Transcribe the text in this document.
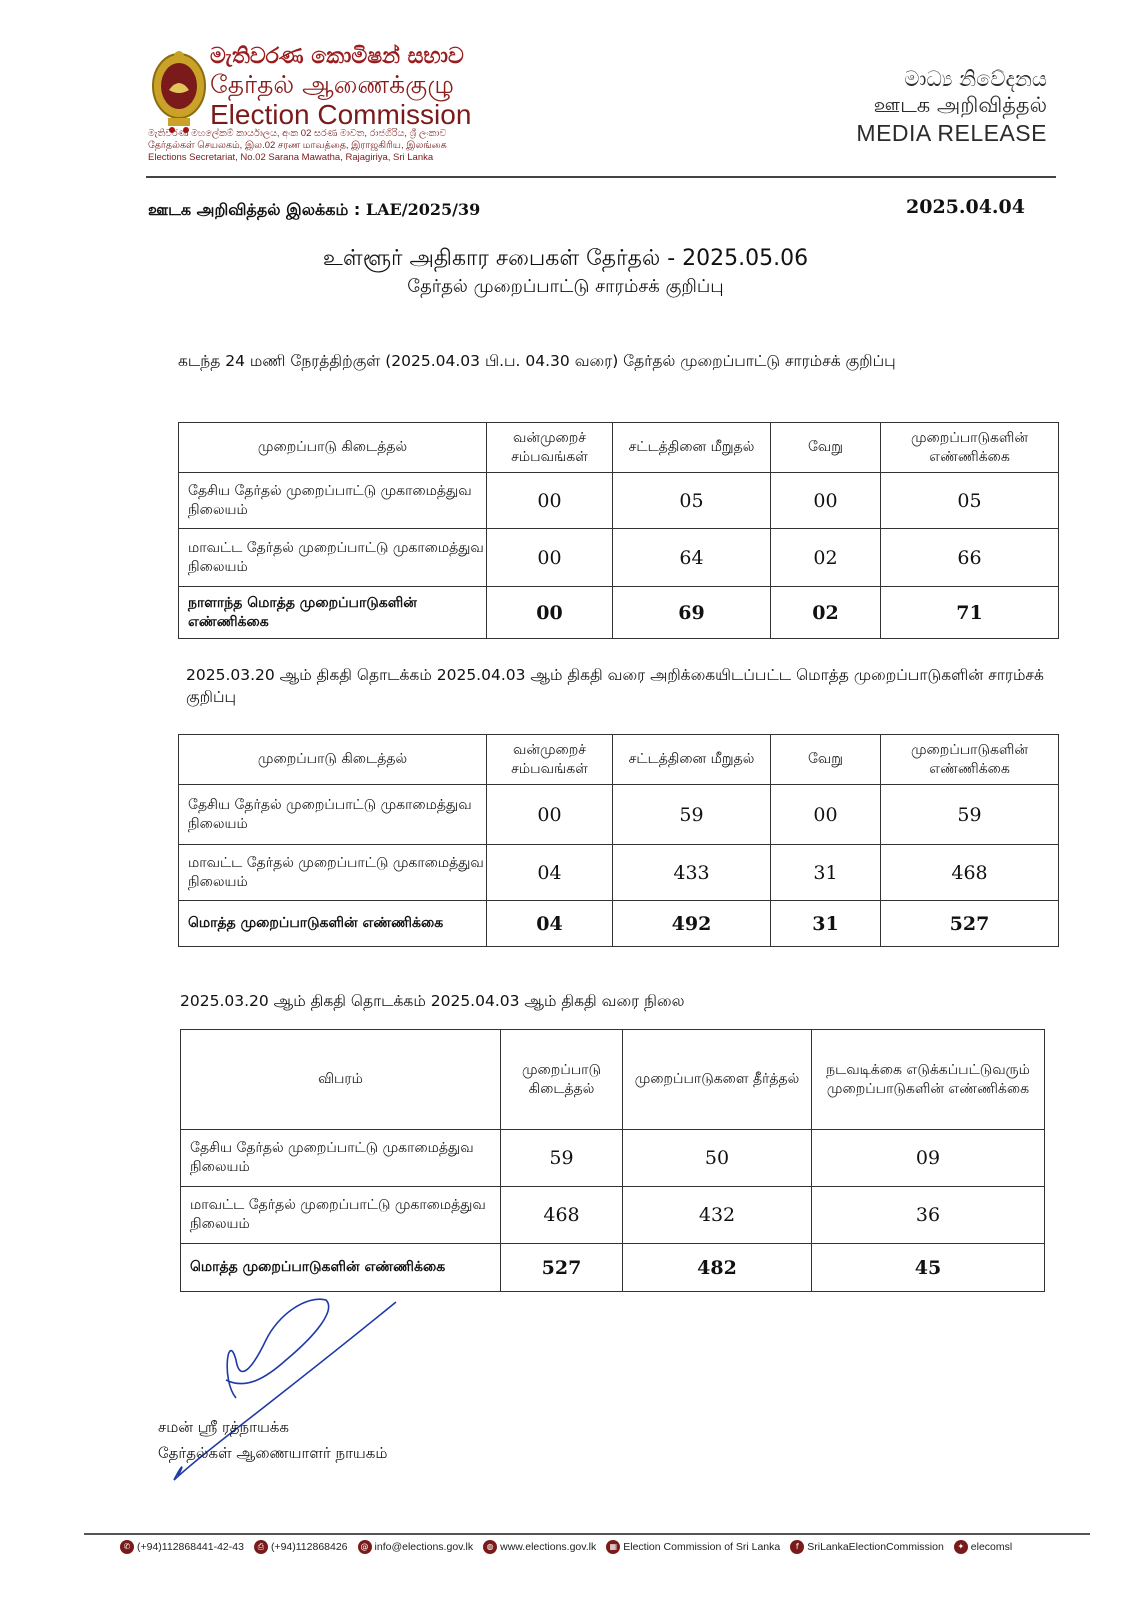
මැතිවරණ කොමිෂන් සභාව
தேர்தல் ஆணைக்குழு
Election Commission
මැතිවරණ මහලේකම් කාර්යාලය, අංක 02 සරණ මාවත, රාජගිරිය, ශ්‍රී ලංකාව
தேர்தல்கள் செயலகம், இல.02 சரண மாவத்தை, இராஜகிரிய, இலங்கை
Elections Secretariat, No.02 Sarana Mawatha, Rajagiriya, Sri Lanka
මාධ්‍ය නිවේදනය
ஊடக அறிவித்தல்
MEDIA RELEASE
ஊடக அறிவித்தல் இலக்கம் : LAE/2025/39	2025.04.04
உள்ளூர் அதிகார சபைகள் தேர்தல் - 2025.05.06
தேர்தல் முறைப்பாட்டு சாரம்சக் குறிப்பு
கடந்த 24 மணி நேரத்திற்குள் (2025.04.03 பி.ப. 04.30 வரை) தேர்தல் முறைப்பாட்டு சாரம்சக் குறிப்பு
முறைப்பாடு கிடைத்தல்	வன்முறைச் சம்பவங்கள்	சட்டத்தினை மீறுதல்	வேறு	முறைப்பாடுகளின் எண்ணிக்கை
தேசிய தேர்தல் முறைப்பாட்டு முகாமைத்துவ நிலையம்	00	05	00	05
மாவட்ட தேர்தல் முறைப்பாட்டு முகாமைத்துவ நிலையம்	00	64	02	66
நாளாந்த மொத்த முறைப்பாடுகளின் எண்ணிக்கை	00	69	02	71
2025.03.20 ஆம் திகதி தொடக்கம் 2025.04.03 ஆம் திகதி வரை அறிக்கையிடப்பட்ட மொத்த முறைப்பாடுகளின் சாரம்சக் குறிப்பு
முறைப்பாடு கிடைத்தல்	வன்முறைச் சம்பவங்கள்	சட்டத்தினை மீறுதல்	வேறு	முறைப்பாடுகளின் எண்ணிக்கை
தேசிய தேர்தல் முறைப்பாட்டு முகாமைத்துவ நிலையம்	00	59	00	59
மாவட்ட தேர்தல் முறைப்பாட்டு முகாமைத்துவ நிலையம்	04	433	31	468
மொத்த முறைப்பாடுகளின் எண்ணிக்கை	04	492	31	527
2025.03.20 ஆம் திகதி தொடக்கம் 2025.04.03 ஆம் திகதி வரை நிலை
விபரம்	முறைப்பாடு கிடைத்தல்	முறைப்பாடுகளை தீர்த்தல்	நடவடிக்கை எடுக்கப்பட்டுவரும் முறைப்பாடுகளின் எண்ணிக்கை
தேசிய தேர்தல் முறைப்பாட்டு முகாமைத்துவ நிலையம்	59	50	09
மாவட்ட தேர்தல் முறைப்பாட்டு முகாமைத்துவ நிலையம்	468	432	36
மொத்த முறைப்பாடுகளின் எண்ணிக்கை	527	482	45
சமன் ஸ்ரீ ரத்நாயக்க
தேர்தல்கள் ஆணையாளர் நாயகம்
✆ (+94)112868441-42-43	⎙ (+94)112868426	@ info@elections.gov.lk	◍ www.elections.gov.lk	▦ Election Commission of Sri Lanka	f SriLankaElectionCommission	✦ elecomsl
